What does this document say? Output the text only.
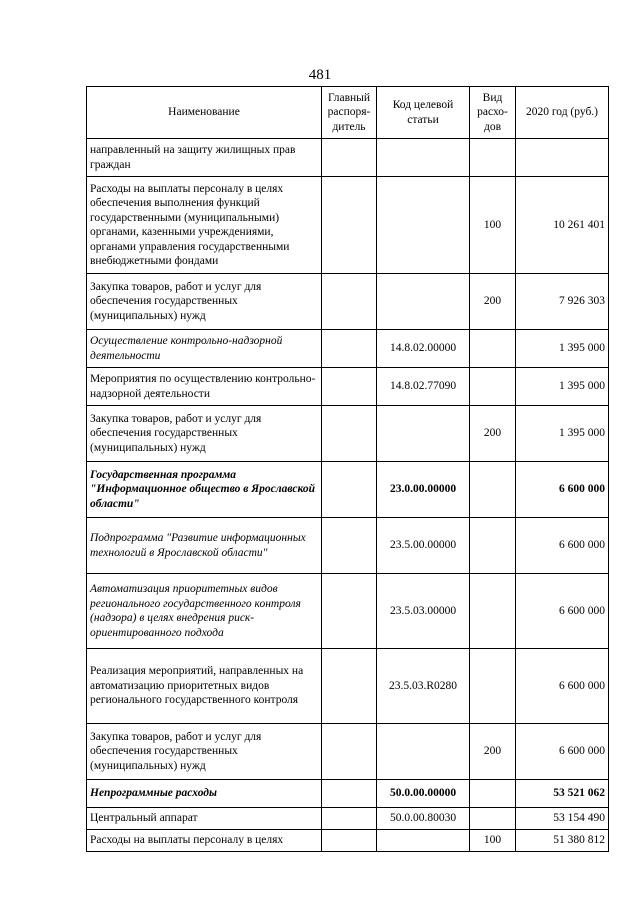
481
Наименование	Главный распоря-дитель	Код целевой статьи	Вид расхо-дов	2020 год (руб.)
направленный на защиту жилищных прав граждан				
Расходы на выплаты персоналу в целях обеспечения выполнения функций государственными (муниципальными) органами, казенными учреждениями, органами управления государственными внебюджетными фондами			100	10 261 401
Закупка товаров, работ и услуг для обеспечения государственных (муниципальных) нужд			200	7 926 303
Осуществление контрольно-надзорной деятельности		14.8.02.00000		1 395 000
Мероприятия по осуществлению контрольно-надзорной деятельности		14.8.02.77090		1 395 000
Закупка товаров, работ и услуг для обеспечения государственных (муниципальных) нужд			200	1 395 000
Государственная программа "Информационное общество в Ярославской области"		23.0.00.00000		6 600 000
Подпрограмма "Развитие информационных технологий в Ярославской области"		23.5.00.00000		6 600 000
Автоматизация приоритетных видов регионального государственного контроля (надзора) в целях внедрения риск-ориентированного подхода		23.5.03.00000		6 600 000
Реализация мероприятий, направленных на автоматизацию приоритетных видов регионального государственного контроля		23.5.03.R0280		6 600 000
Закупка товаров, работ и услуг для обеспечения государственных (муниципальных) нужд			200	6 600 000
Непрограммные расходы		50.0.00.00000		53 521 062
Центральный аппарат		50.0.00.80030		53 154 490
Расходы на выплаты персоналу в целях			100	51 380 812
